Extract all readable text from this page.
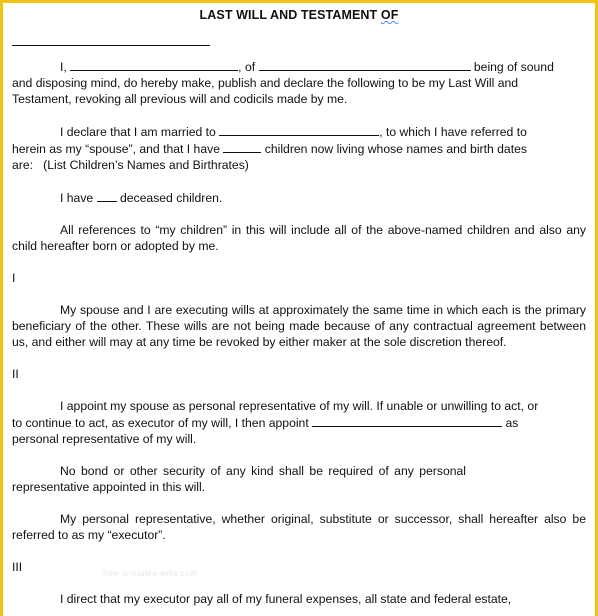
LAST WILL AND TESTAMENT OF
I,	, of	being of sound
and disposing mind, do hereby make, publish and declare the following to be my Last Will and
Testament, revoking all previous will and codicils made by me.
I declare that I am married to	, to which I have referred to
herein as my “spouse”, and that I have	children now living whose names and birth dates
are:   (List Children’s Names and Birthrates)
I have deceased children.
All references to “my children” in this will include all of the above-named children and also any child hereafter born or adopted by me.
I
My spouse and I are executing wills at approximately the same time in which each is the primary beneficiary of the other. These wills are not being made because of any contractual agreement between us, and either will may at any time be revoked by either maker at the sole discretion thereof.
II
I appoint my spouse as personal representative of my will. If unable or unwilling to act, or
to continue to act, as executor of my will, I then appoint	as
personal representative of my will.
No bond or other security of any kind shall be required of any personal representative appointed in this will.
My personal representative, whether original, substitute or successor, shall hereafter also be referred to as my “executor”.
III
I direct that my executor pay all of my funeral expenses, all state and federal estate,
free-printable-wills.com
